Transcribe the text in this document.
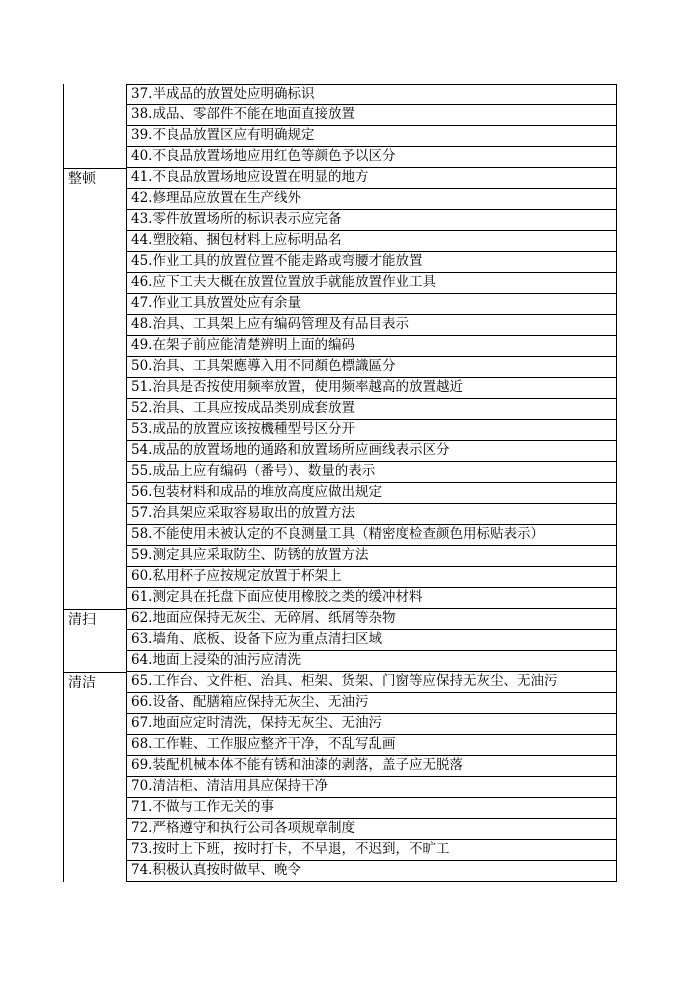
37.半成品的放置处应明确标识
38.成品、零部件不能在地面直接放置
39.不良品放置区应有明确规定
40.不良品放置场地应用红色等颜色予以区分
整顿	41.不良品放置场地应设置在明显的地方
42.修理品应放置在生产线外
43.零件放置场所的标识表示应完备
44.塑胶箱、捆包材料上应标明品名
45.作业工具的放置位置不能走路或弯腰才能放置
46.应下工夫大概在放置位置放手就能放置作业工具
47.作业工具放置处应有余量
48.治具、工具架上应有编码管理及有品目表示
49.在架子前应能清楚辨明上面的编码
50.治具、工具架應導入用不同顏色標識區分
51.治具是否按使用频率放置，使用频率越高的放置越近
52.治具、工具应按成品类别成套放置
53.成品的放置应该按機種型号区分开
54.成品的放置场地的通路和放置场所应画线表示区分
55.成品上应有编码（番号）、数量的表示
56.包装材料和成品的堆放高度应做出规定
57.治具架应采取容易取出的放置方法
58.不能使用未被认定的不良测量工具（精密度检查颜色用标贴表示）
59.测定具应采取防尘、防锈的放置方法
60.私用杯子应按规定放置于杯架上
61.测定具在托盘下面应使用橡胶之类的缓冲材料
清扫	62.地面应保持无灰尘、无碎屑、纸屑等杂物
63.墙角、底板、设备下应为重点清扫区域
64.地面上浸染的油污应清洗
清洁	65.工作台、文件柜、治具、柜架、货架、门窗等应保持无灰尘、无油污
66.设备、配膳箱应保持无灰尘、无油污
67.地面应定时清洗，保持无灰尘、无油污
68.工作鞋、工作服应整齐干净，不乱写乱画
69.装配机械本体不能有锈和油漆的剥落，盖子应无脱落
70.清洁柜、清洁用具应保持干净
71.不做与工作无关的事
72.严格遵守和执行公司各项规章制度
73.按时上下班，按时打卡，不早退，不迟到，不旷工
74.积极认真按时做早、晚令
